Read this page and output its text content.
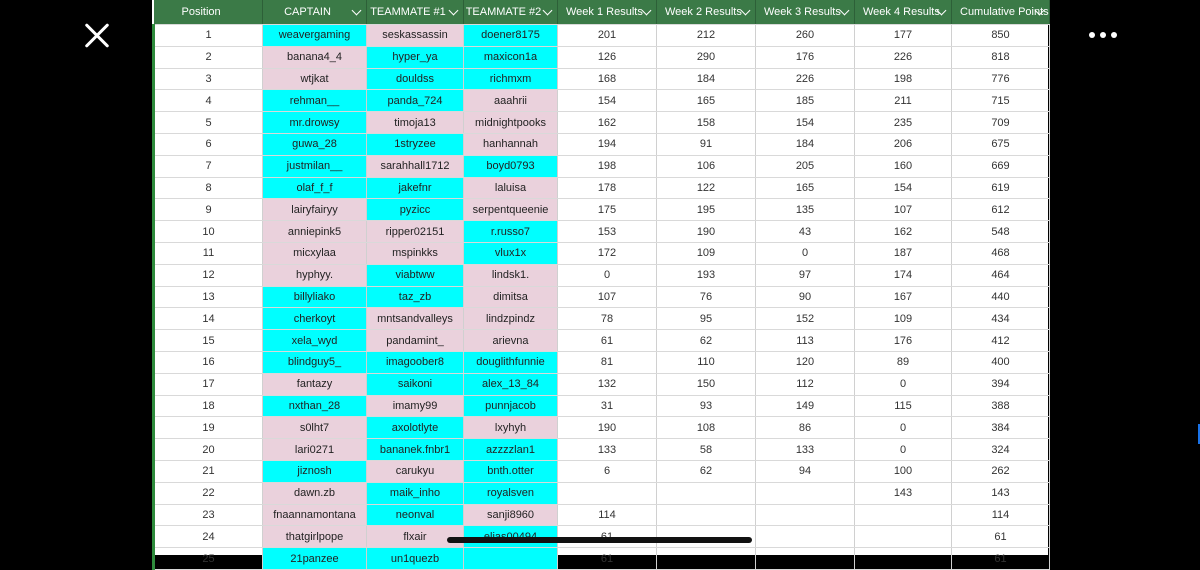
Position	CAPTAIN	TEAMMATE #1	TEAMMATE #2	Week 1 Results	Week 2 Results	Week 3 Results	Week 4 Results	Cumulative Points

1	weavergaming	seskassassin	doener8175	201	212	260	177	850
2	banana4_4	hyper_ya	maxicon1a	126	290	176	226	818
3	wtjkat	douldss	richmxm	168	184	226	198	776
4	rehman__	panda_724	aaahrii	154	165	185	211	715
5	mr.drowsy	timoja13	midnightpooks	162	158	154	235	709
6	guwa_28	1stryzee	hanhannah	194	91	184	206	675
7	justmilan__	sarahhall1712	boyd0793	198	106	205	160	669
8	olaf_f_f	jakefnr	laluisa	178	122	165	154	619
9	lairyfairyy	pyzicc	serpentqueenie	175	195	135	107	612
10	anniepink5	ripper02151	r.russo7	153	190	43	162	548
11	micxylaa	mspinkks	vlux1x	172	109	0	187	468
12	hyphyy.	viabtww	lindsk1.	0	193	97	174	464
13	billyliako	taz_zb	dimitsa	107	76	90	167	440
14	cherkoyt	mntsandvalleys	lindzpindz	78	95	152	109	434
15	xela_wyd	pandamint_	arievna	61	62	113	176	412
16	blindguy5_	imagoober8	douglithfunnie	81	110	120	89	400
17	fantazy	saikoni	alex_13_84	132	150	112	0	394
18	nxthan_28	imamy99	punnjacob	31	93	149	115	388
19	s0lht7	axolotlyte	lxyhyh	190	108	86	0	384
20	lari0271	bananek.fnbr1	azzzzlan1	133	58	133	0	324
21	jiznosh	carukyu	bnth.otter	6	62	94	100	262
22	dawn.zb	maik_inho	royalsven				143	143
23	fnaannamontana	neonval	sanji8960	114				114
24	thatgirlpope	flxair						61
25	21panzee	un1quezb		61				61
